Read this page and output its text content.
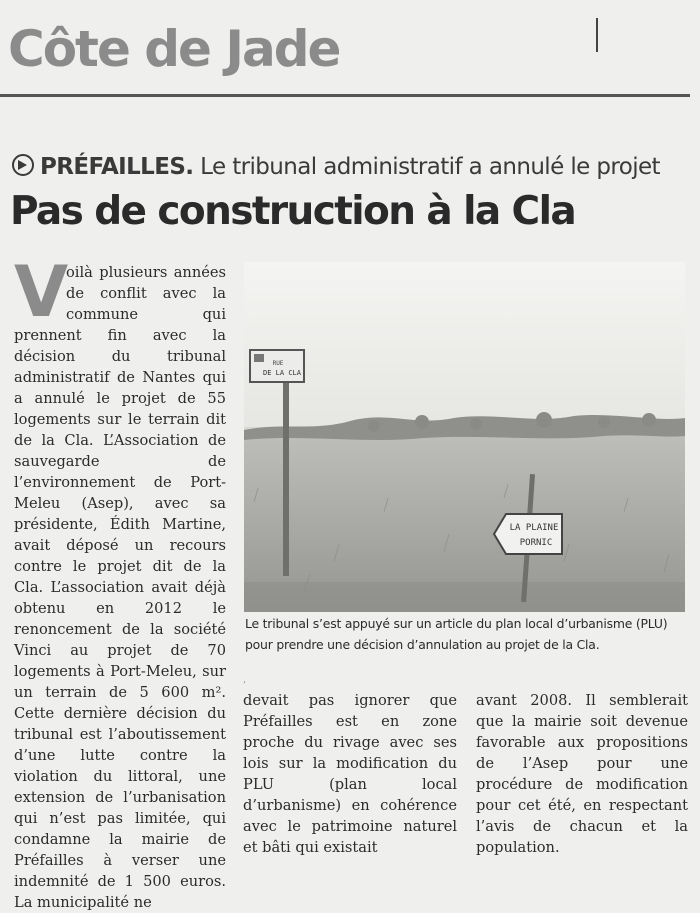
Côte de Jade
PRÉFAILLES. Le tribunal administratif a annulé le projet
Pas de construction à la Cla
V

oilà plusieurs années de conflit avec la commune qui prennent fin avec la décision du tribunal administratif de Nantes qui a annulé le projet de 55 logements sur le terrain dit de la Cla. L’Association de sauvegarde de l’environnement de Port-Meleu (Asep), avec sa présidente, Édith Martine, avait déposé un recours contre le projet dit de la Cla. L’association avait déjà obtenu en 2012 le renoncement de la société Vinci au projet de 70 logements à Port-Meleu, sur un terrain de 5 600 m². Cette dernière décision du tribunal est l’aboutissement d’une lutte contre la violation du littoral, une extension de l’urbanisation qui n’est pas limitée, qui condamne la mairie de Préfailles à verser une indemnité de 1 500 euros. La municipalité ne

RUE
DE LA CLA
LA PLAINE
PORNIC
Le tribunal s’est appuyé sur un article du plan local d’urbanisme (PLU) pour prendre une décision d’annulation au projet de la Cla.
,

devait pas ignorer que Préfailles est en zone proche du rivage avec ses lois sur la modification du PLU (plan local d’urbanisme) en cohérence avec le patrimoine naturel et bâti qui existait

avant 2008. Il semblerait que la mairie soit devenue favorable aux propositions de l’Asep pour une procédure de modification pour cet été, en respectant l’avis de chacun et la population.
